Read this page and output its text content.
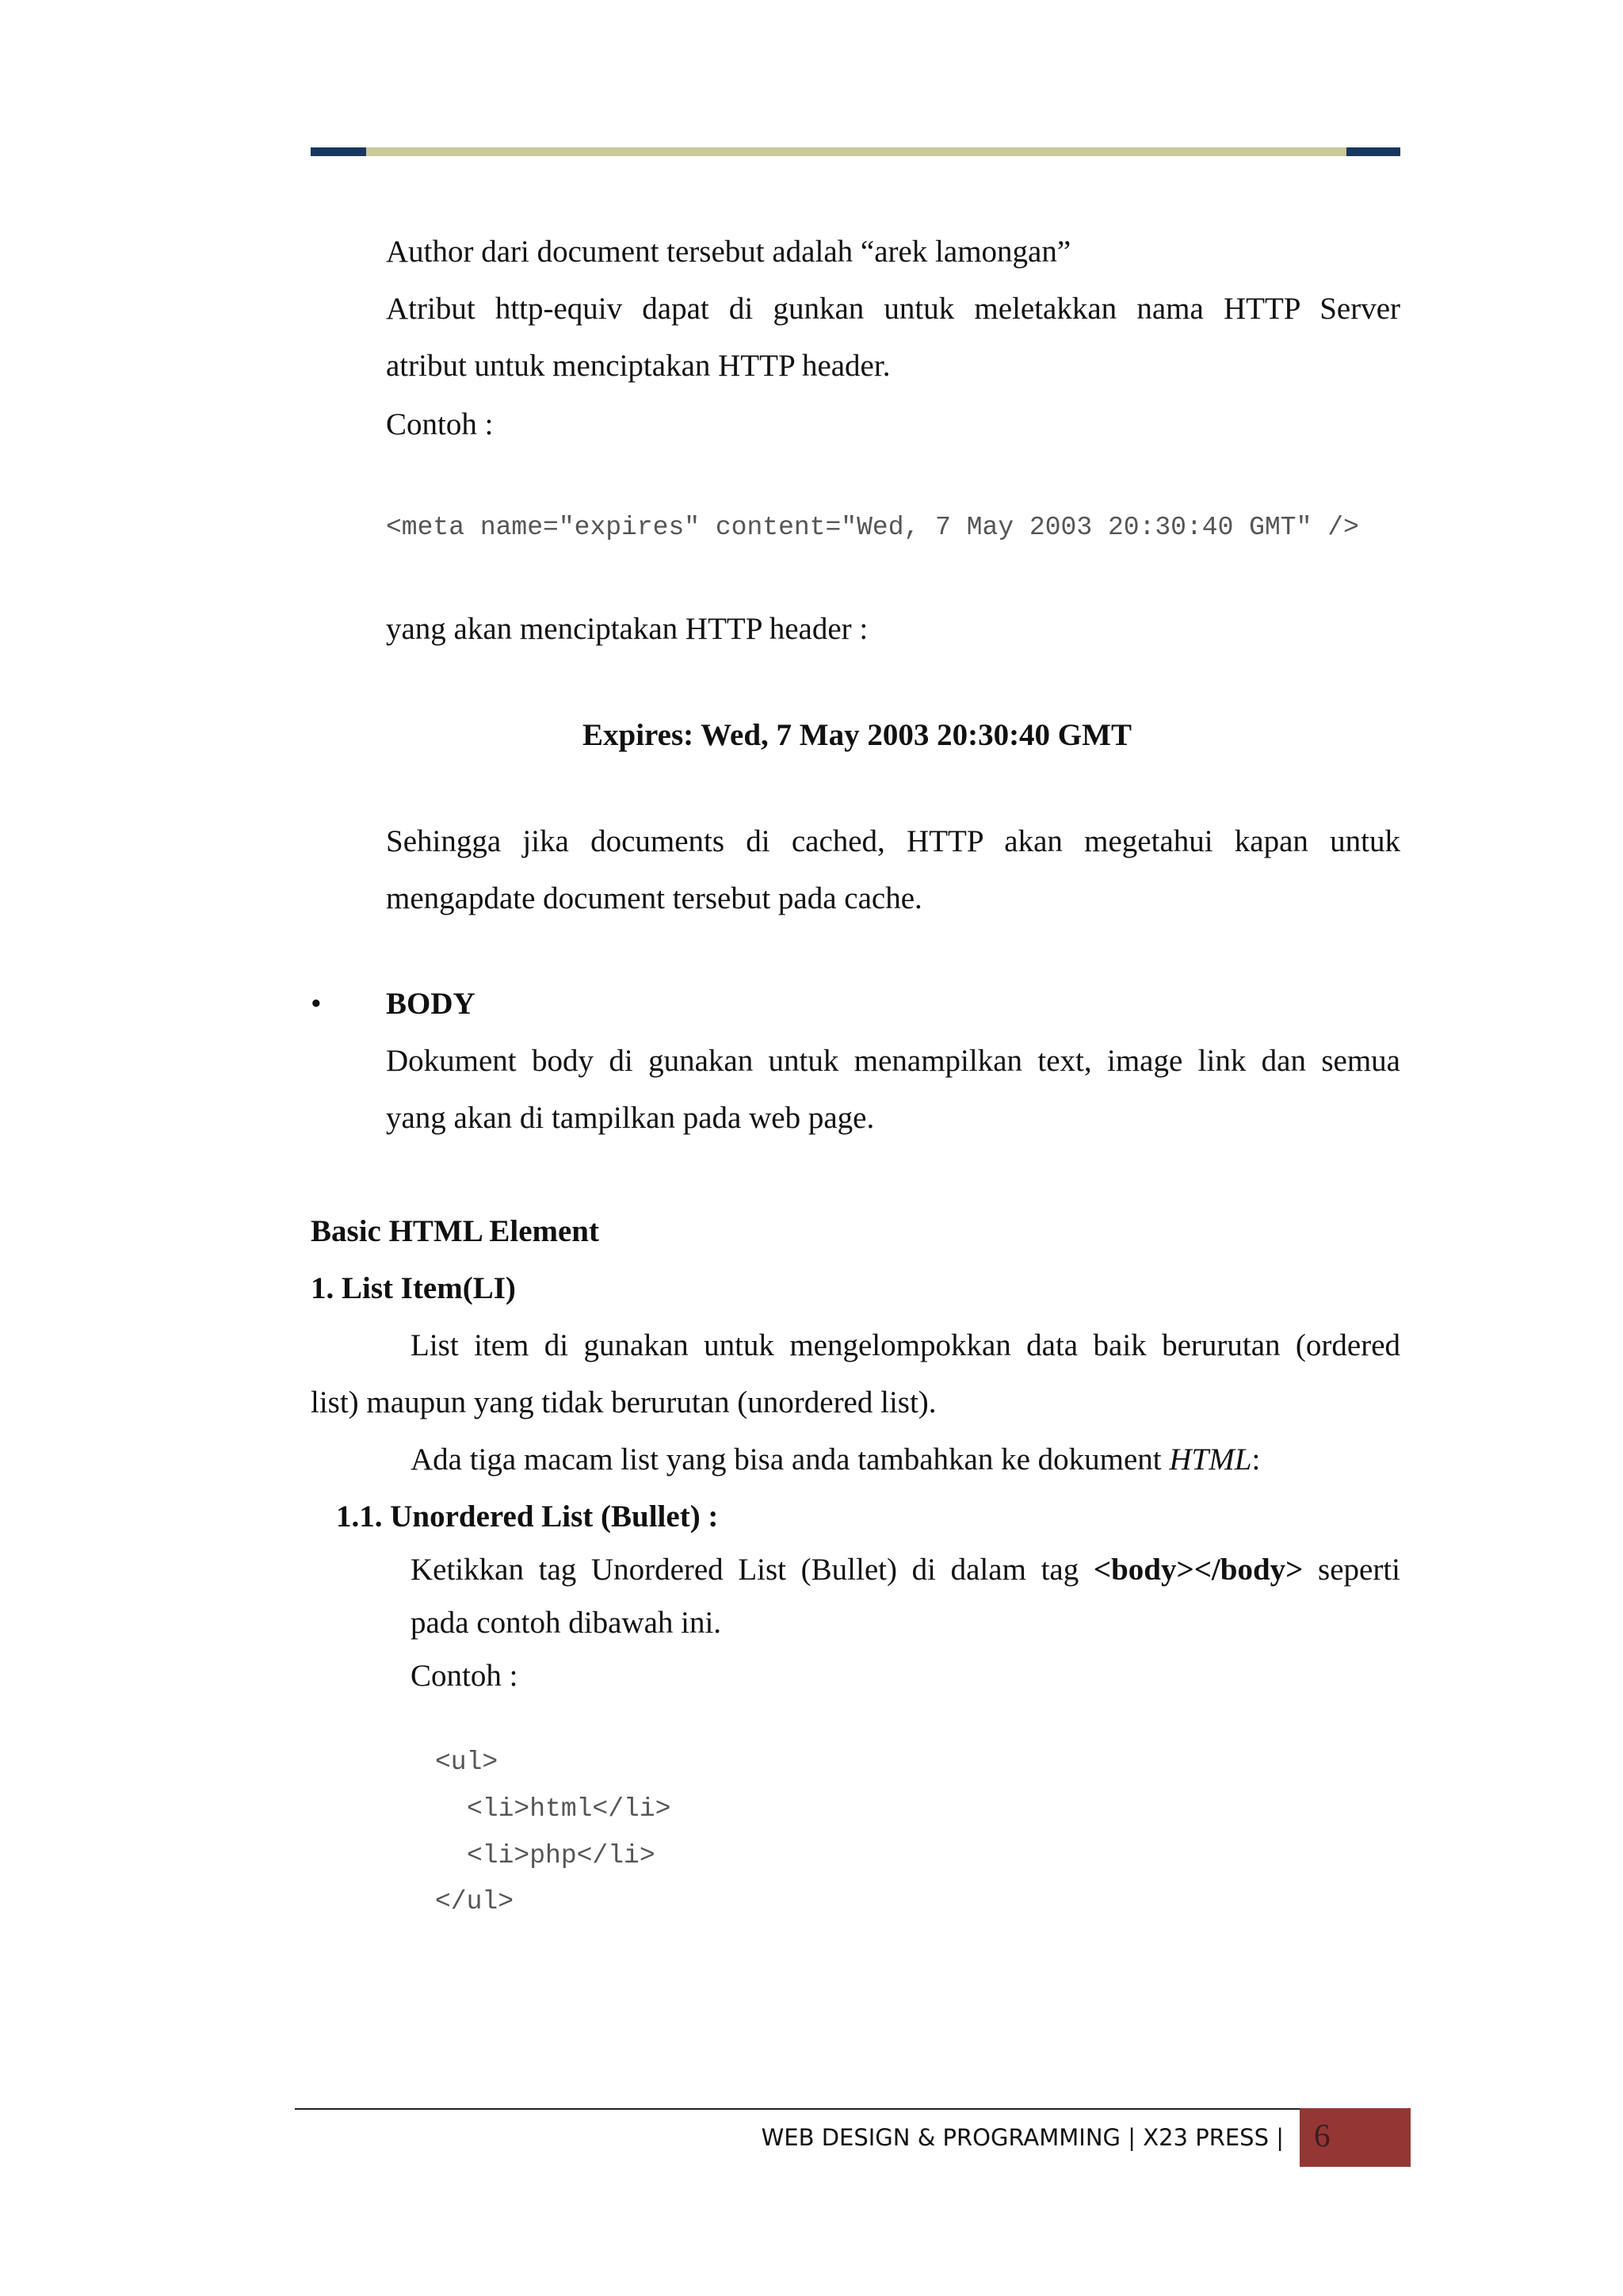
Author dari document tersebut adalah “arek lamongan”
Atribut http-equiv dapat di gunkan untuk meletakkan nama HTTP Server
atribut untuk menciptakan HTTP header.
Contoh :
<meta name="expires" content="Wed, 7 May 2003 20:30:40 GMT" />
yang akan menciptakan HTTP header :
Expires: Wed, 7 May 2003 20:30:40 GMT
Sehingga jika documents di cached, HTTP akan megetahui kapan untuk
mengapdate document tersebut pada cache.
• BODY
Dokument body di gunakan untuk menampilkan text, image link dan semua
yang akan di tampilkan pada web page.
Basic HTML Element
1. List Item(LI)
List item di gunakan untuk mengelompokkan data baik berurutan (ordered
list) maupun yang tidak berurutan (unordered list).
Ada tiga macam list yang bisa anda tambahkan ke dokument HTML:
1.1. Unordered List (Bullet) :
Ketikkan tag Unordered List (Bullet) di dalam tag <body></body> seperti
pada contoh dibawah ini.
Contoh :
<ul>
<li>html</li>
<li>php</li>
</ul>
WEB DESIGN & PROGRAMMING | X23 PRESS | 6
